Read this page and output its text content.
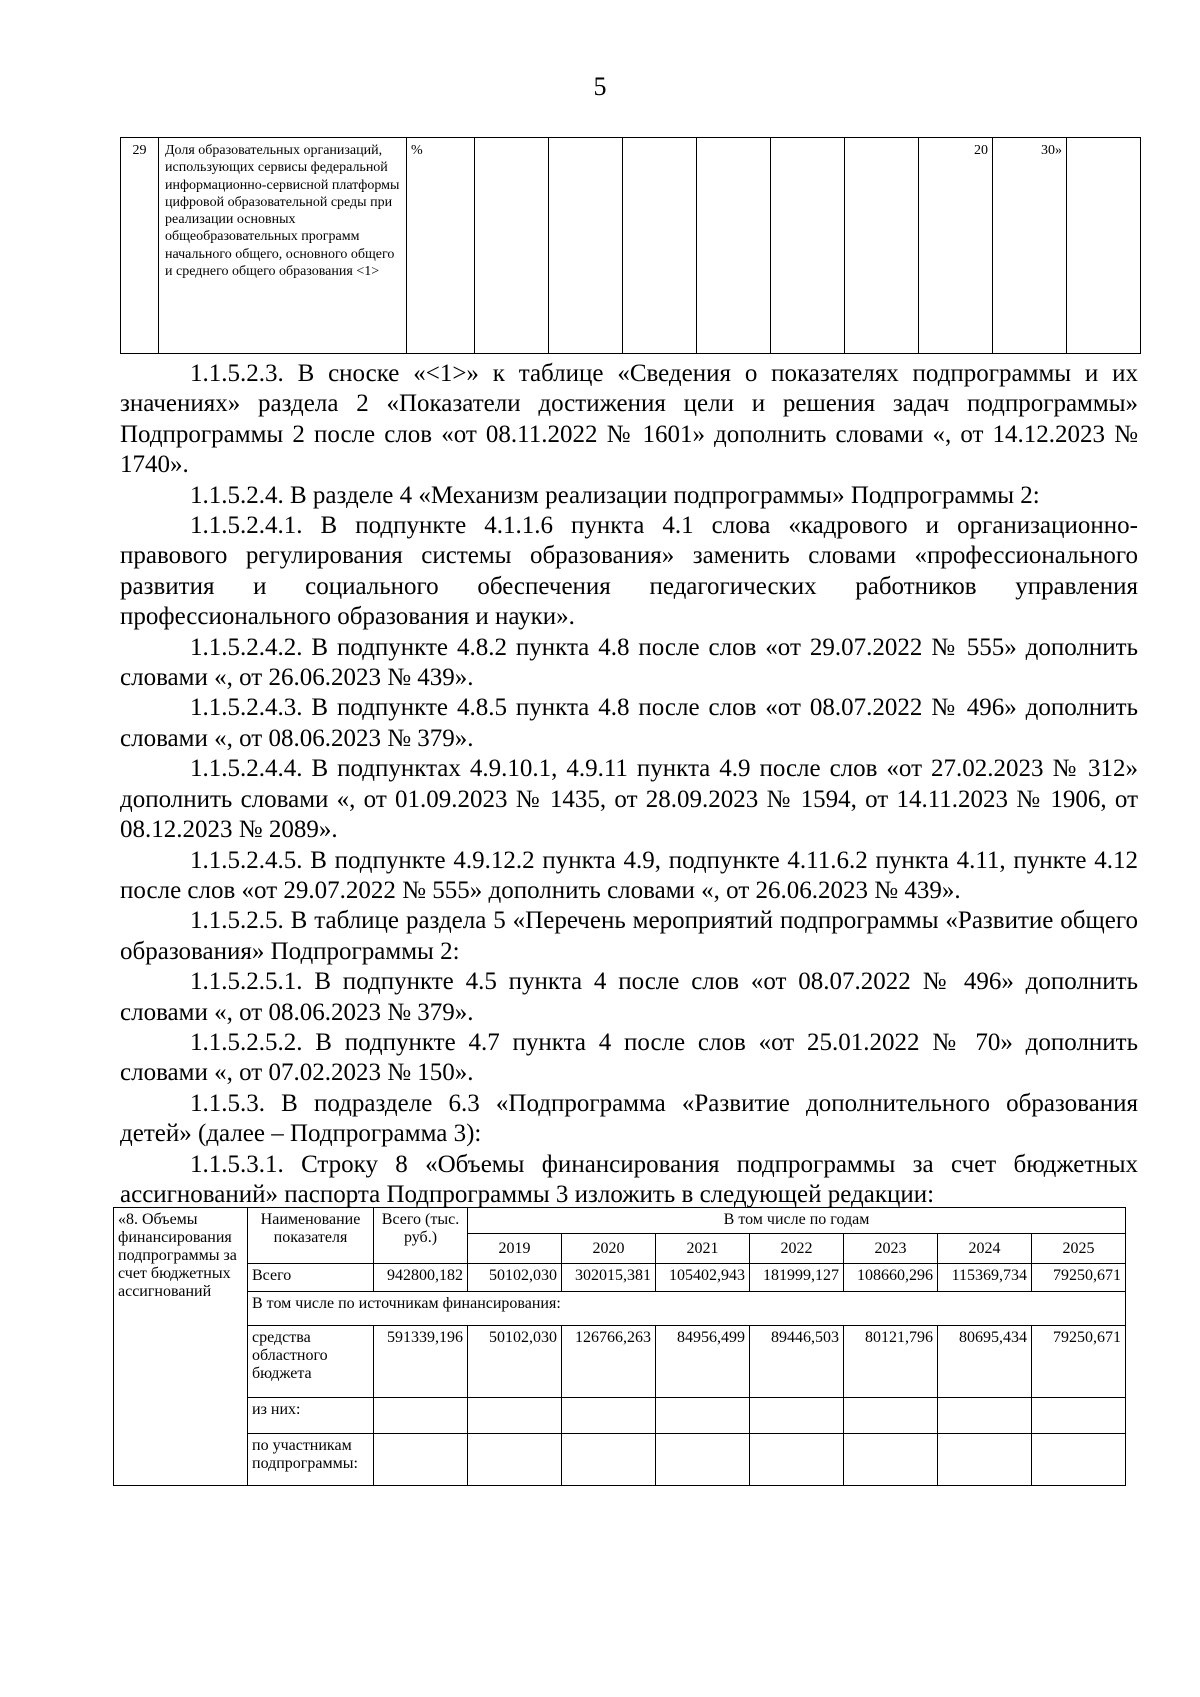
5
29	Доля образовательных организаций, использующих сервисы федеральной информационно-сервисной платформы цифровой образовательной среды при реализации основных общеобразовательных программ начального общего, основного общего и среднего общего образования <1>	%							20	30»	

1.1.5.2.3. В сноске «<1>» к таблице «Сведения о показателях подпрограммы и их значениях» раздела 2 «Показатели достижения цели и решения задач подпрограммы» Подпрограммы 2 после слов «от 08.11.2022 № 1601» дополнить словами «, от 14.12.2023 № 1740».

1.1.5.2.4. В разделе 4 «Механизм реализации подпрограммы» Подпрограммы 2:

1.1.5.2.4.1. В подпункте 4.1.1.6 пункта 4.1 слова «кадрового и организационно-правового регулирования системы образования» заменить словами «профессионального развития и социального обеспечения педагогических работников управления профессионального образования и науки».

1.1.5.2.4.2. В подпункте 4.8.2 пункта 4.8 после слов «от 29.07.2022 № 555» дополнить словами «, от 26.06.2023 № 439».

1.1.5.2.4.3. В подпункте 4.8.5 пункта 4.8 после слов «от 08.07.2022 № 496» дополнить словами «, от 08.06.2023 № 379».

1.1.5.2.4.4. В подпунктах 4.9.10.1, 4.9.11 пункта 4.9 после слов «от 27.02.2023 № 312» дополнить словами «, от 01.09.2023 № 1435, от 28.09.2023 № 1594, от 14.11.2023 № 1906, от 08.12.2023 № 2089».

1.1.5.2.4.5. В подпункте 4.9.12.2 пункта 4.9, подпункте 4.11.6.2 пункта 4.11, пункте 4.12 после слов «от 29.07.2022 № 555» дополнить словами «, от 26.06.2023 № 439».

1.1.5.2.5. В таблице раздела 5 «Перечень мероприятий подпрограммы «Развитие общего образования» Подпрограммы 2:

1.1.5.2.5.1. В подпункте 4.5 пункта 4 после слов «от 08.07.2022 № 496» дополнить словами «, от 08.06.2023 № 379».

1.1.5.2.5.2. В подпункте 4.7 пункта 4 после слов «от 25.01.2022 № 70» дополнить словами «, от 07.02.2023 № 150».

1.1.5.3. В подразделе 6.3 «Подпрограмма «Развитие дополнительного образования детей» (далее – Подпрограмма 3):

1.1.5.3.1. Строку 8 «Объемы финансирования подпрограммы за счет бюджетных ассигнований» паспорта Подпрограммы 3 изложить в следующей редакции:

«8. Объемы финансирования подпрограммы за счет бюджетных ассигнований	Наименование показателя	Всего (тыс. руб.)	В том числе по годам						
			2019	2020	2021	2022	2023	2024	2025
	Всего	942800,182	50102,030	302015,381	105402,943	181999,127	108660,296	115369,734	79250,671
	В том числе по источникам финансирования:								
	средства областного бюджета	591339,196	50102,030	126766,263	84956,499	89446,503	80121,796	80695,434	79250,671
	из них:								
	по участникам подпрограммы:								
